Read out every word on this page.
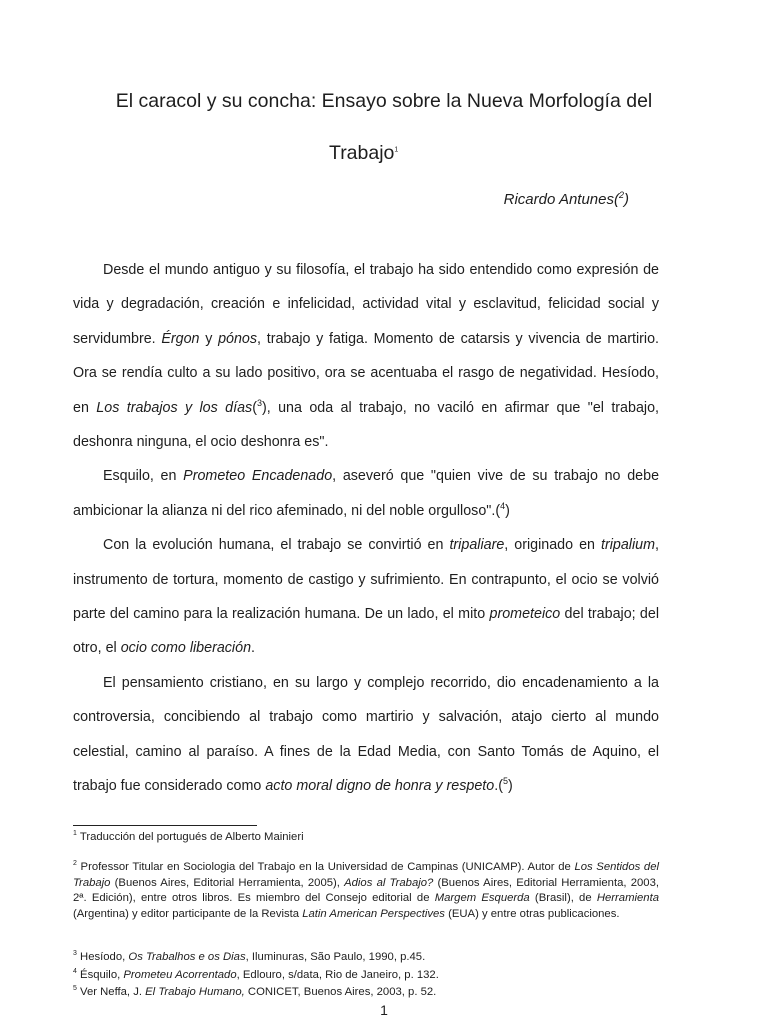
El caracol y su concha: Ensayo sobre la Nueva Morfología del
Trabajo$^1$
Ricardo Antunes($^2$)

Desde el mundo antiguo y su filosofía, el trabajo ha sido entendido como expresión de vida y degradación, creación e infelicidad, actividad vital y esclavitud, felicidad social y servidumbre. Érgon y pónos, trabajo y fatiga. Momento de catarsis y vivencia de martirio. Ora se rendía culto a su lado positivo, ora se acentuaba el rasgo de negatividad. Hesíodo, en Los trabajos y los días($^3$), una oda al trabajo, no vaciló en afirmar que "el trabajo, deshonra ninguna, el ocio deshonra es".

Esquilo, en Prometeo Encadenado, aseveró que "quien vive de su trabajo no debe ambicionar la alianza ni del rico afeminado, ni del noble orgulloso".($^4$)

Con la evolución humana, el trabajo se convirtió en tripaliare, originado en tripalium, instrumento de tortura, momento de castigo y sufrimiento. En contrapunto, el ocio se volvió parte del camino para la realización humana. De un lado, el mito prometeico del trabajo; del otro, el ocio como liberación.

El pensamiento cristiano, en su largo y complejo recorrido, dio encadenamiento a la controversia, concibiendo al trabajo como martirio y salvación, atajo cierto al mundo celestial, camino al paraíso. A fines de la Edad Media, con Santo Tomás de Aquino, el trabajo fue considerado como acto moral digno de honra y respeto.($^5$)

$^1$ Traducción del portugués de Alberto Mainieri
$^2$ Professor Titular en Sociologia del Trabajo en la Universidad de Campinas (UNICAMP). Autor de Los Sentidos del Trabajo (Buenos Aires, Editorial Herramienta, 2005), Adios al Trabajo? (Buenos Aires, Editorial Herramienta, 2003, 2ª. Edición), entre otros libros. Es miembro del Consejo editorial de Margem Esquerda (Brasil), de Herramienta (Argentina) y editor participante de la Revista Latin American Perspectives (EUA) y entre otras publicaciones.
$^3$ Hesíodo, Os Trabalhos e os Dias, Iluminuras, São Paulo, 1990, p.45.
$^4$ Ésquilo, Prometeu Acorrentado, Edlouro, s/data, Rio de Janeiro, p. 132.
$^5$ Ver Neffa, J. El Trabajo Humano, CONICET, Buenos Aires, 2003, p. 52.
1
